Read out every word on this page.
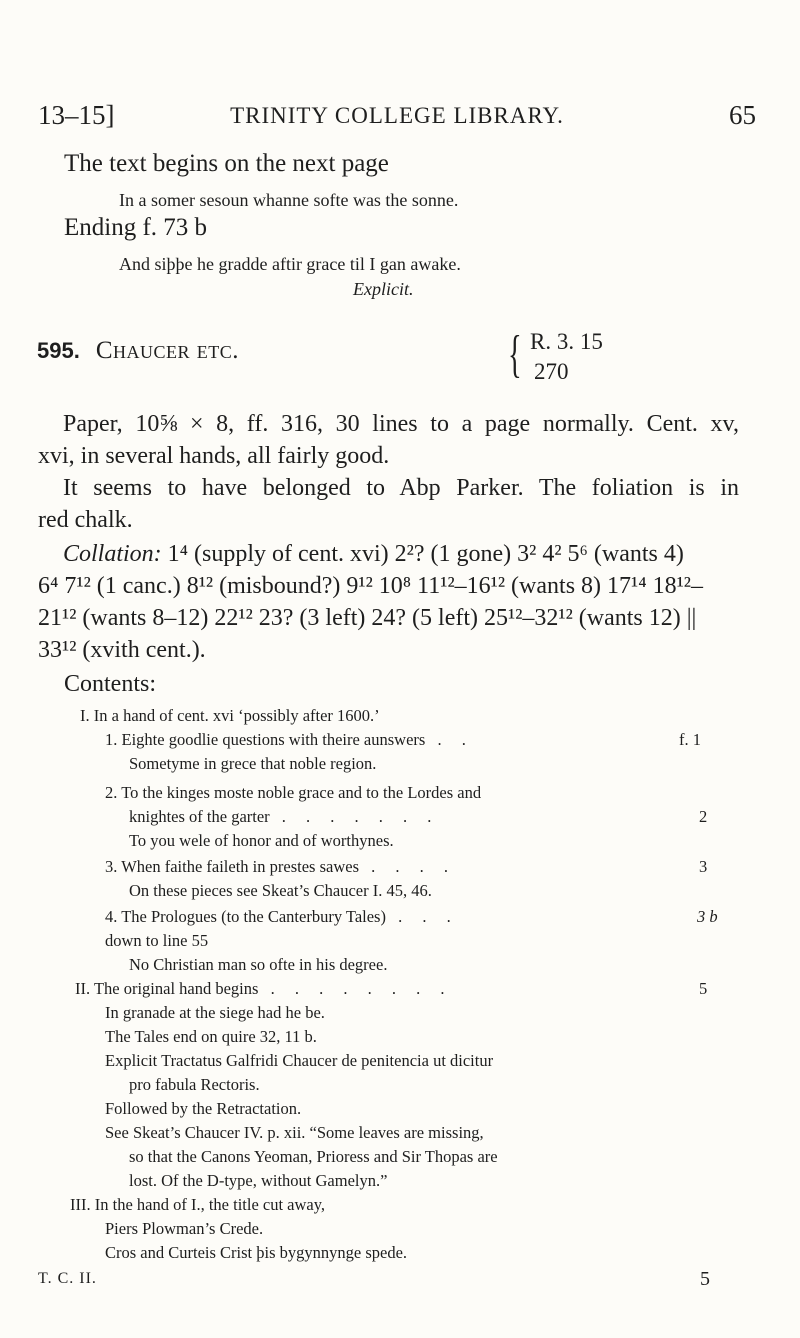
13–15]	TRINITY COLLEGE LIBRARY.	65
The text begins on the next page
In a somer sesoun whanne softe was the sonne.
Ending f. 73 b
And siþþe he gradde aftir grace til I gan awake.
Explicit.
595. Chaucer etc.	{ R. 3. 15
270
Paper, 10⅝ × 8, ff. 316, 30 lines to a page normally. Cent. xv,
xvi, in several hands, all fairly good.
It seems to have belonged to Abp Parker. The foliation is in
red chalk.
Collation: 1⁴ (supply of cent. xvi) 2²? (1 gone) 3² 4² 5⁶ (wants 4)
6⁴ 7¹² (1 canc.) 8¹² (misbound?) 9¹² 10⁸ 11¹²–16¹² (wants 8) 17¹⁴ 18¹²–
21¹² (wants 8–12) 22¹² 23? (3 left) 24? (5 left) 25¹²–32¹² (wants 12) ||
33¹² (xvith cent.).
Contents:
I. In a hand of cent. xvi ‘possibly after 1600.’
1. Eighte goodlie questions with theire aunswers . .	f. 1
Sometyme in grece that noble region.
2. To the kinges moste noble grace and to the Lordes and
knightes of the garter . . . . . . .	2
To you wele of honor and of worthynes.
3. When faithe faileth in prestes sawes . . . .	3
On these pieces see Skeat’s Chaucer I. 45, 46.
4. The Prologues (to the Canterbury Tales) . . .	3 b
down to line 55
No Christian man so ofte in his degree.
II. The original hand begins . . . . . . . .	5
In granade at the siege had he be.
The Tales end on quire 32, 11 b.
Explicit Tractatus Galfridi Chaucer de penitencia ut dicitur
pro fabula Rectoris.
Followed by the Retractation.
See Skeat’s Chaucer IV. p. xii. “Some leaves are missing,
so that the Canons Yeoman, Prioress and Sir Thopas are
lost. Of the D-type, without Gamelyn.”
III. In the hand of I., the title cut away,
Piers Plowman’s Crede.
Cros and Curteis Crist þis bygynnynge spede.
T. C. II.	5
